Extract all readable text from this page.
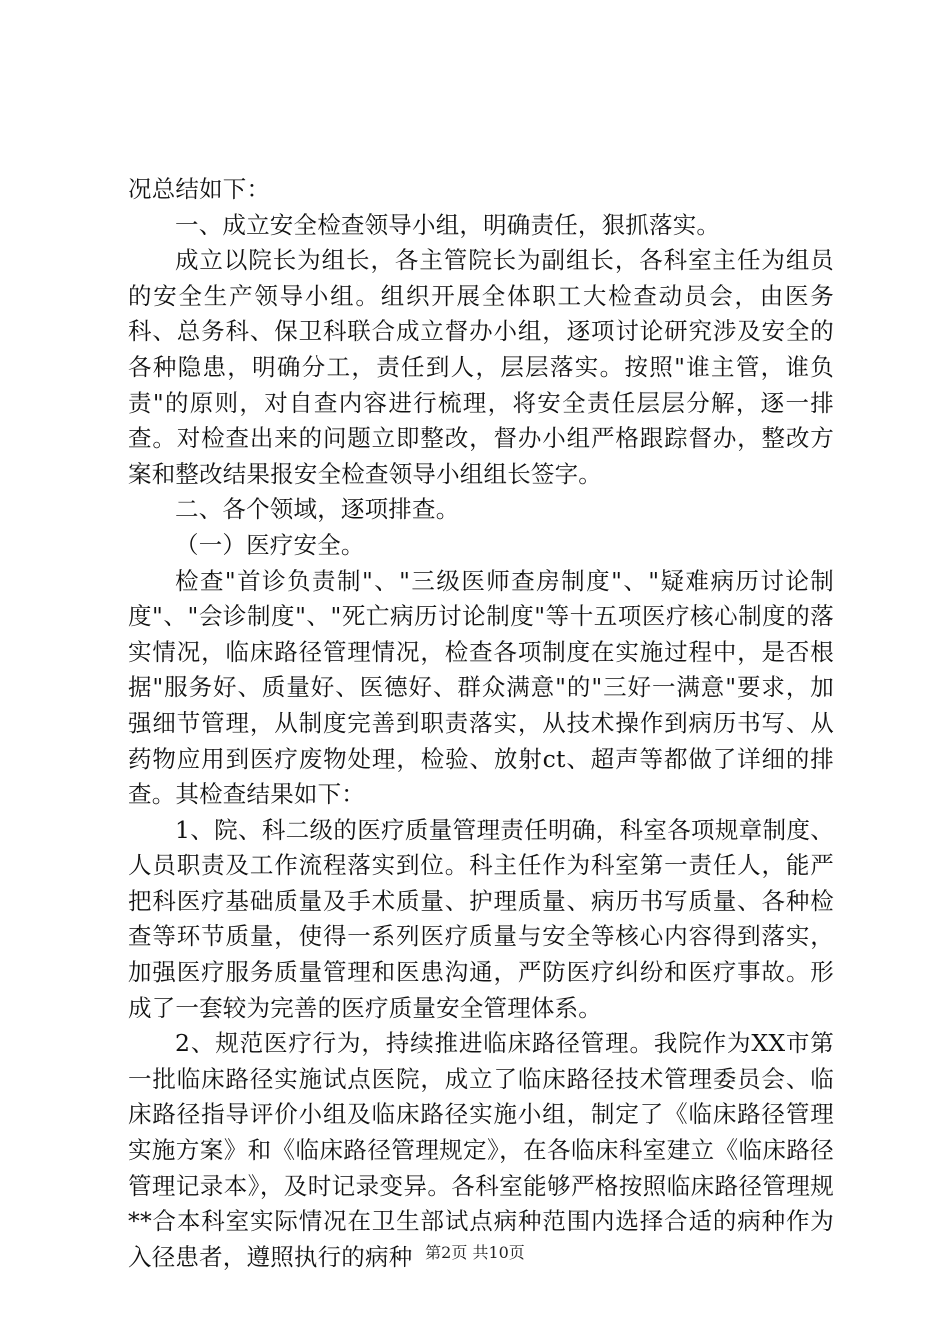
况总结如下：

一、成立安全检查领导小组，明确责任，狠抓落实。

成立以院长为组长，各主管院长为副组长，各科室主任为组员的安全生产领导小组。组织开展全体职工大检查动员会，由医务科、总务科、保卫科联合成立督办小组，逐项讨论研究涉及安全的各种隐患，明确分工，责任到人，层层落实。按照"谁主管，谁负责"的原则，对自查内容进行梳理，将安全责任层层分解，逐一排查。对检查出来的问题立即整改，督办小组严格跟踪督办，整改方案和整改结果报安全检查领导小组组长签字。

二、各个领域，逐项排查。

（一）医疗安全。

检查"首诊负责制"、"三级医师查房制度"、"疑难病历讨论制度"、"会诊制度"、"死亡病历讨论制度"等十五项医疗核心制度的落实情况，临床路径管理情况，检查各项制度在实施过程中，是否根据"服务好、质量好、医德好、群众满意"的"三好一满意"要求，加强细节管理，从制度完善到职责落实，从技术操作到病历书写、从药物应用到医疗废物处理，检验、放射ct、超声等都做了详细的排查。其检查结果如下：

1、院、科二级的医疗质量管理责任明确，科室各项规章制度、人员职责及工作流程落实到位。科主任作为科室第一责任人，能严把科医疗基础质量及手术质量、护理质量、病历书写质量、各种检查等环节质量，使得一系列医疗质量与安全等核心内容得到落实，加强医疗服务质量管理和医患沟通，严防医疗纠纷和医疗事故。形成了一套较为完善的医疗质量安全管理体系。

2、规范医疗行为，持续推进临床路径管理。我院作为XX市第一批临床路径实施试点医院，成立了临床路径技术管理委员会、临床路径指导评价小组及临床路径实施小组，制定了《临床路径管理实施方案》和《临床路径管理规定》，在各临床科室建立《临床路径管理记录本》，及时记录变异。各科室能够严格按照临床路径管理规**合本科室实际情况在卫生部试点病种范围内选择合适的病种作为入径患者，遵照执行的病种 第2页 共10页
